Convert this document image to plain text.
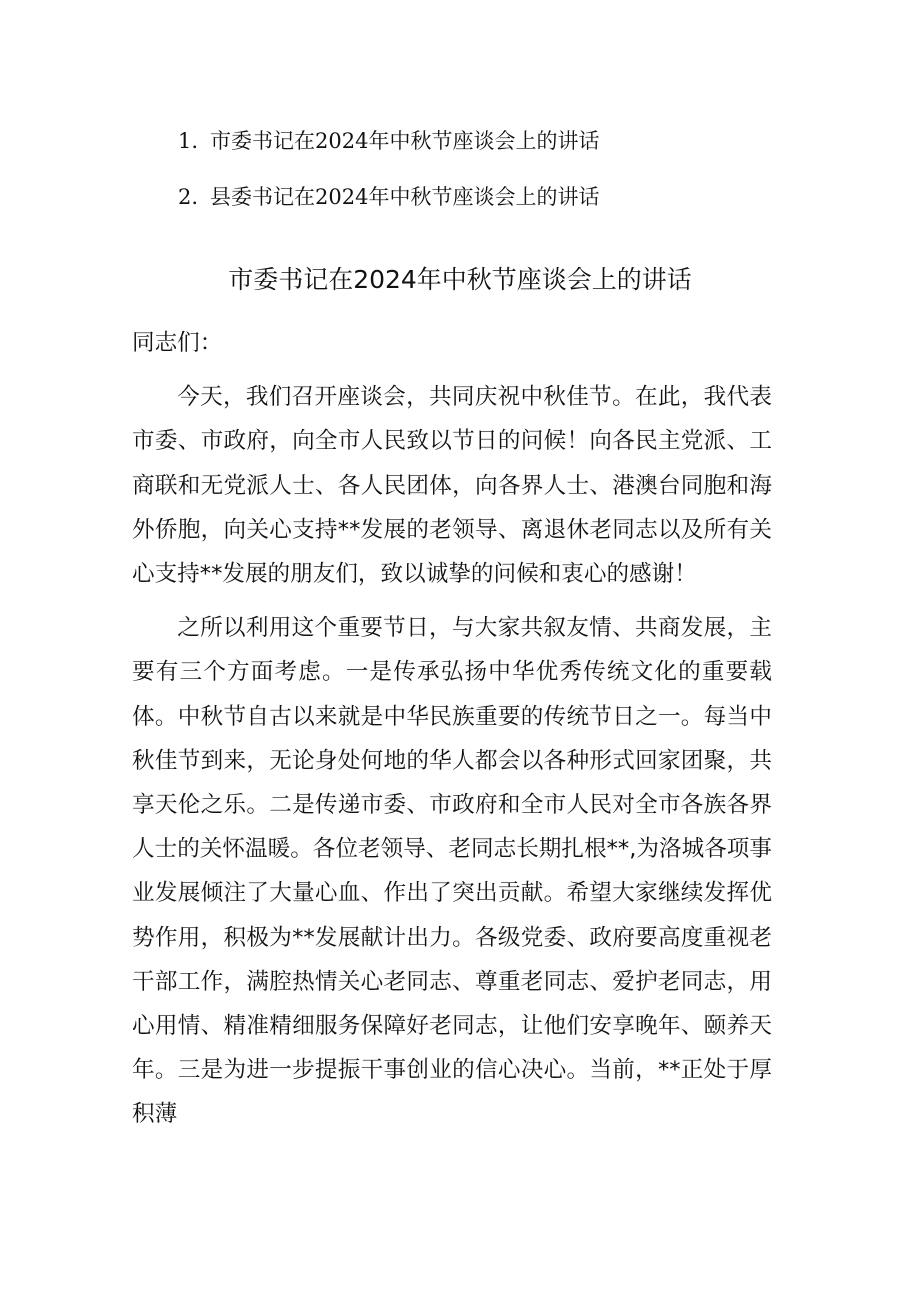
1. 市委书记在2024年中秋节座谈会上的讲话
2. 县委书记在2024年中秋节座谈会上的讲话
市委书记在2024年中秋节座谈会上的讲话

同志们：

今天，我们召开座谈会，共同庆祝中秋佳节。在此，我代表市委、市政府，向全市人民致以节日的问候！向各民主党派、工商联和无党派人士、各人民团体，向各界人士、港澳台同胞和海外侨胞，向关心支持**发展的老领导、离退休老同志以及所有关心支持**发展的朋友们，致以诚挚的问候和衷心的感谢！

之所以利用这个重要节日，与大家共叙友情、共商发展，主要有三个方面考虑。一是传承弘扬中华优秀传统文化的重要载体。中秋节自古以来就是中华民族重要的传统节日之一。每当中秋佳节到来，无论身处何地的华人都会以各种形式回家团聚，共享天伦之乐。二是传递市委、市政府和全市人民对全市各族各界人士的关怀温暖。各位老领导、老同志长期扎根**,为洛城各项事业发展倾注了大量心血、作出了突出贡献。希望大家继续发挥优势作用，积极为**发展献计出力。各级党委、政府要高度重视老干部工作，满腔热情关心老同志、尊重老同志、爱护老同志，用心用情、精准精细服务保障好老同志，让他们安享晚年、颐养天年。三是为进一步提振干事创业的信心决心。当前，**正处于厚积薄
